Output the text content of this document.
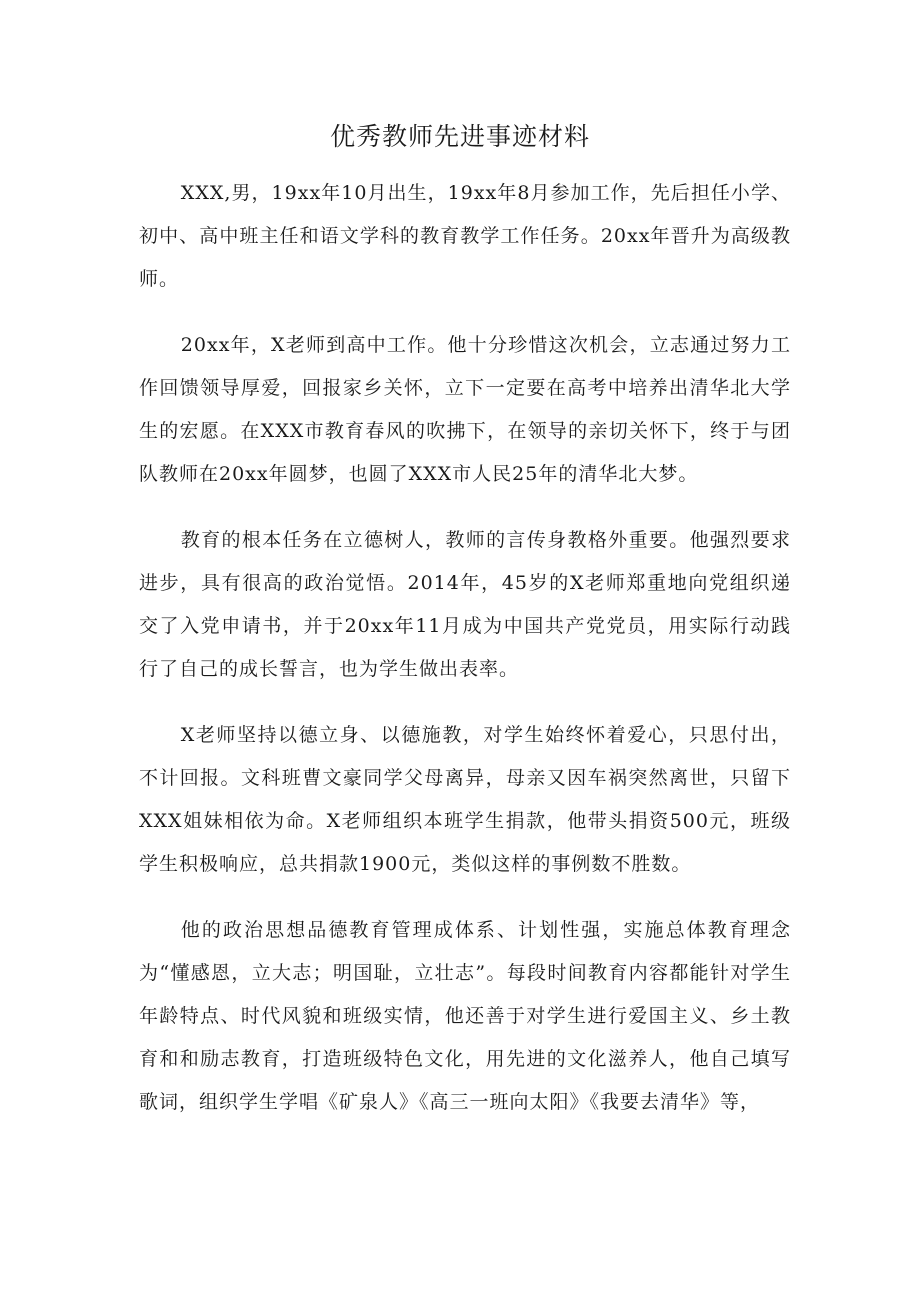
优秀教师先进事迹材料

XXX,男，19xx年10月出生，19xx年8月参加工作，先后担任小学、初中、高中班主任和语文学科的教育教学工作任务。20xx年晋升为高级教师。

20xx年，X老师到高中工作。他十分珍惜这次机会，立志通过努力工作回馈领导厚爱，回报家乡关怀，立下一定要在高考中培养出清华北大学生的宏愿。在XXX市教育春风的吹拂下，在领导的亲切关怀下，终于与团队教师在20xx年圆梦，也圆了XXX市人民25年的清华北大梦。

教育的根本任务在立德树人，教师的言传身教格外重要。他强烈要求进步，具有很高的政治觉悟。2014年，45岁的X老师郑重地向党组织递交了入党申请书，并于20xx年11月成为中国共产党党员，用实际行动践行了自己的成长誓言，也为学生做出表率。

X老师坚持以德立身、以德施教，对学生始终怀着爱心，只思付出，不计回报。文科班曹文豪同学父母离异，母亲又因车祸突然离世，只留下XXX姐妹相依为命。X老师组织本班学生捐款，他带头捐资500元，班级学生积极响应，总共捐款1900元，类似这样的事例数不胜数。

他的政治思想品德教育管理成体系、计划性强，实施总体教育理念为“懂感恩，立大志；明国耻，立壮志”。每段时间教育内容都能针对学生年龄特点、时代风貌和班级实情，他还善于对学生进行爱国主义、乡土教育和和励志教育，打造班级特色文化，用先进的文化滋养人，他自己填写歌词，组织学生学唱《矿泉人》《高三一班向太阳》《我要去清华》等，
